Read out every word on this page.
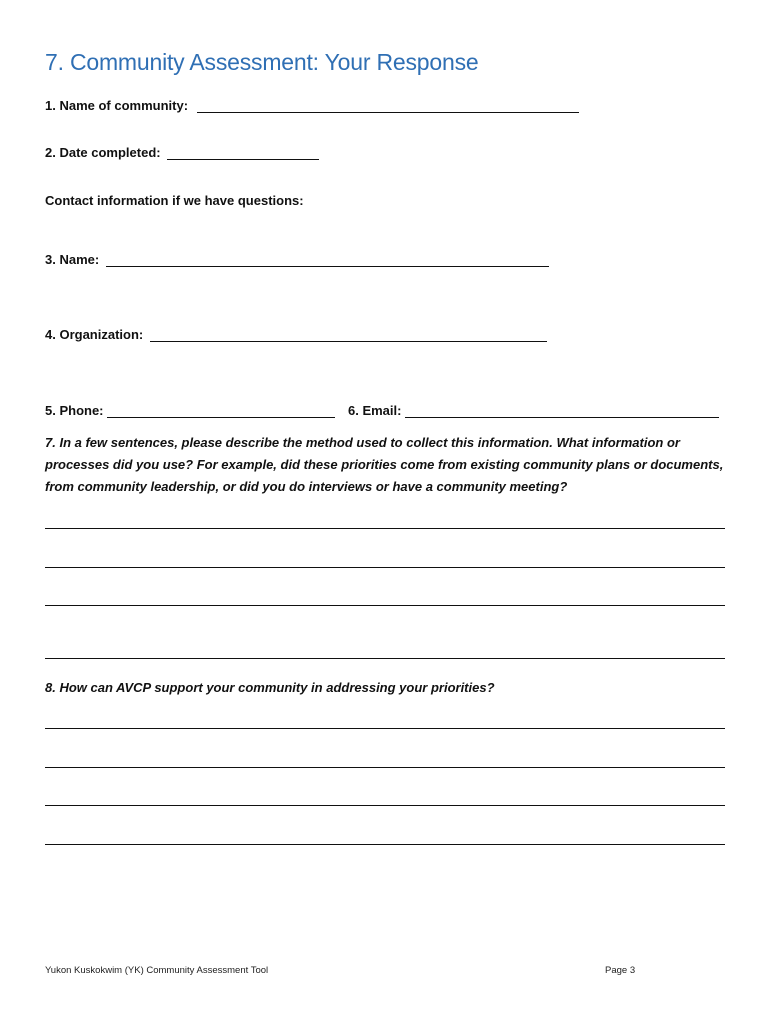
7. Community Assessment: Your Response
1. Name of community:
2. Date completed:
Contact information if we have questions:
3. Name:
4. Organization:
5. Phone:	6. Email:
7. In a few sentences, please describe the method used to collect this information. What information or processes did you use? For example, did these priorities come from existing community plans or documents, from community leadership, or did you do interviews or have a community meeting?
8. How can AVCP support your community in addressing your priorities?
Yukon Kuskokwim (YK) Community Assessment Tool	Page 3
